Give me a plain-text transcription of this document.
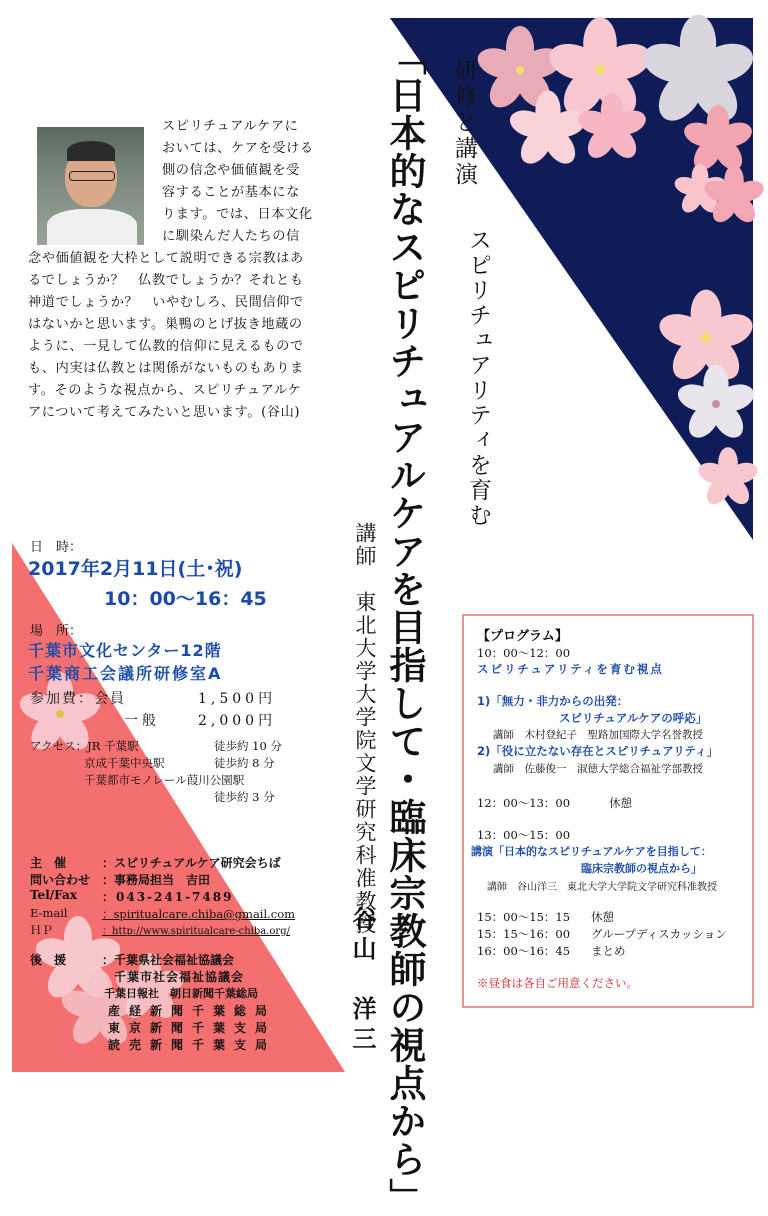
スピリチュアルケアに

おいては、ケアを受ける

側の信念や価値観を受

容することが基本にな

ります。では、日本文化

に馴染んだ人たちの信

念や価値観を大枠として説明できる宗教はあ

るでしょうか？　仏教でしょうか？それとも

神道でしょうか？　いやむしろ、民間信仰で

はないかと思います。巣鴨のとげ抜き地蔵の

ように、一見して仏教的信仰に見えるもので

も、内実は仏教とは関係がないものもありま

す。そのような視点から、スピリチュアルケ

アについて考えてみたいと思います。(谷山)

研修と講演
スピリチュアリティを育む
「日本的なスピリチュアルケアを目指して・臨床宗教師の視点から」
講師　東北大学大学院文学研究科准教授
谷山　洋三
日　時：
2017年2月11日(土･祝)
10：00〜16：45
場　所：
千葉市文化センター12階
千葉商工会議所研修室A
参加費：会員	1,500円
一般	2,000円
アクセス：JR 千葉駅	徒歩約 10 分
京成千葉中央駅	徒歩約 8 分
千葉都市モノレール葭川公園駅
徒歩約 3 分
主　催	：スピリチュアルケア研究会ちば
問い合わせ ：事務局担当　吉田
Tel/Fax ：043-241-7489
E-mail	：spiritualcare.chiba@gmail.com
ＨＰ	：http://www.spiritualcare-chiba.org/
後　援	：千葉県社会福祉協議会
千葉市社会福祉協議会
千葉日報社　朝日新聞千葉総局
産経新聞千葉総局
東京新聞千葉支局
読売新聞千葉支局
【プログラム】
10：00〜12：00
スピリチュアリティを育む視点
1)「無力・非力からの出発：
スピリチュアルケアの呼応」
講師　木村登紀子　聖路加国際大学名誉教授
2)「役に立たない存在とスピリチュアリティ」
講師　佐藤俊一　淑徳大学総合福祉学部教授
12：00〜13：00	休憩
13：00〜15：00
講演「日本的なスピリチュアルケアを目指して：
臨床宗教師の視点から」
講師　谷山洋三　東北大学大学院文学研究科准教授
15：00〜15：15 休憩
15：15〜16：00 グループディスカッション
16：00〜16：45 まとめ
※昼食は各自ご用意ください。
